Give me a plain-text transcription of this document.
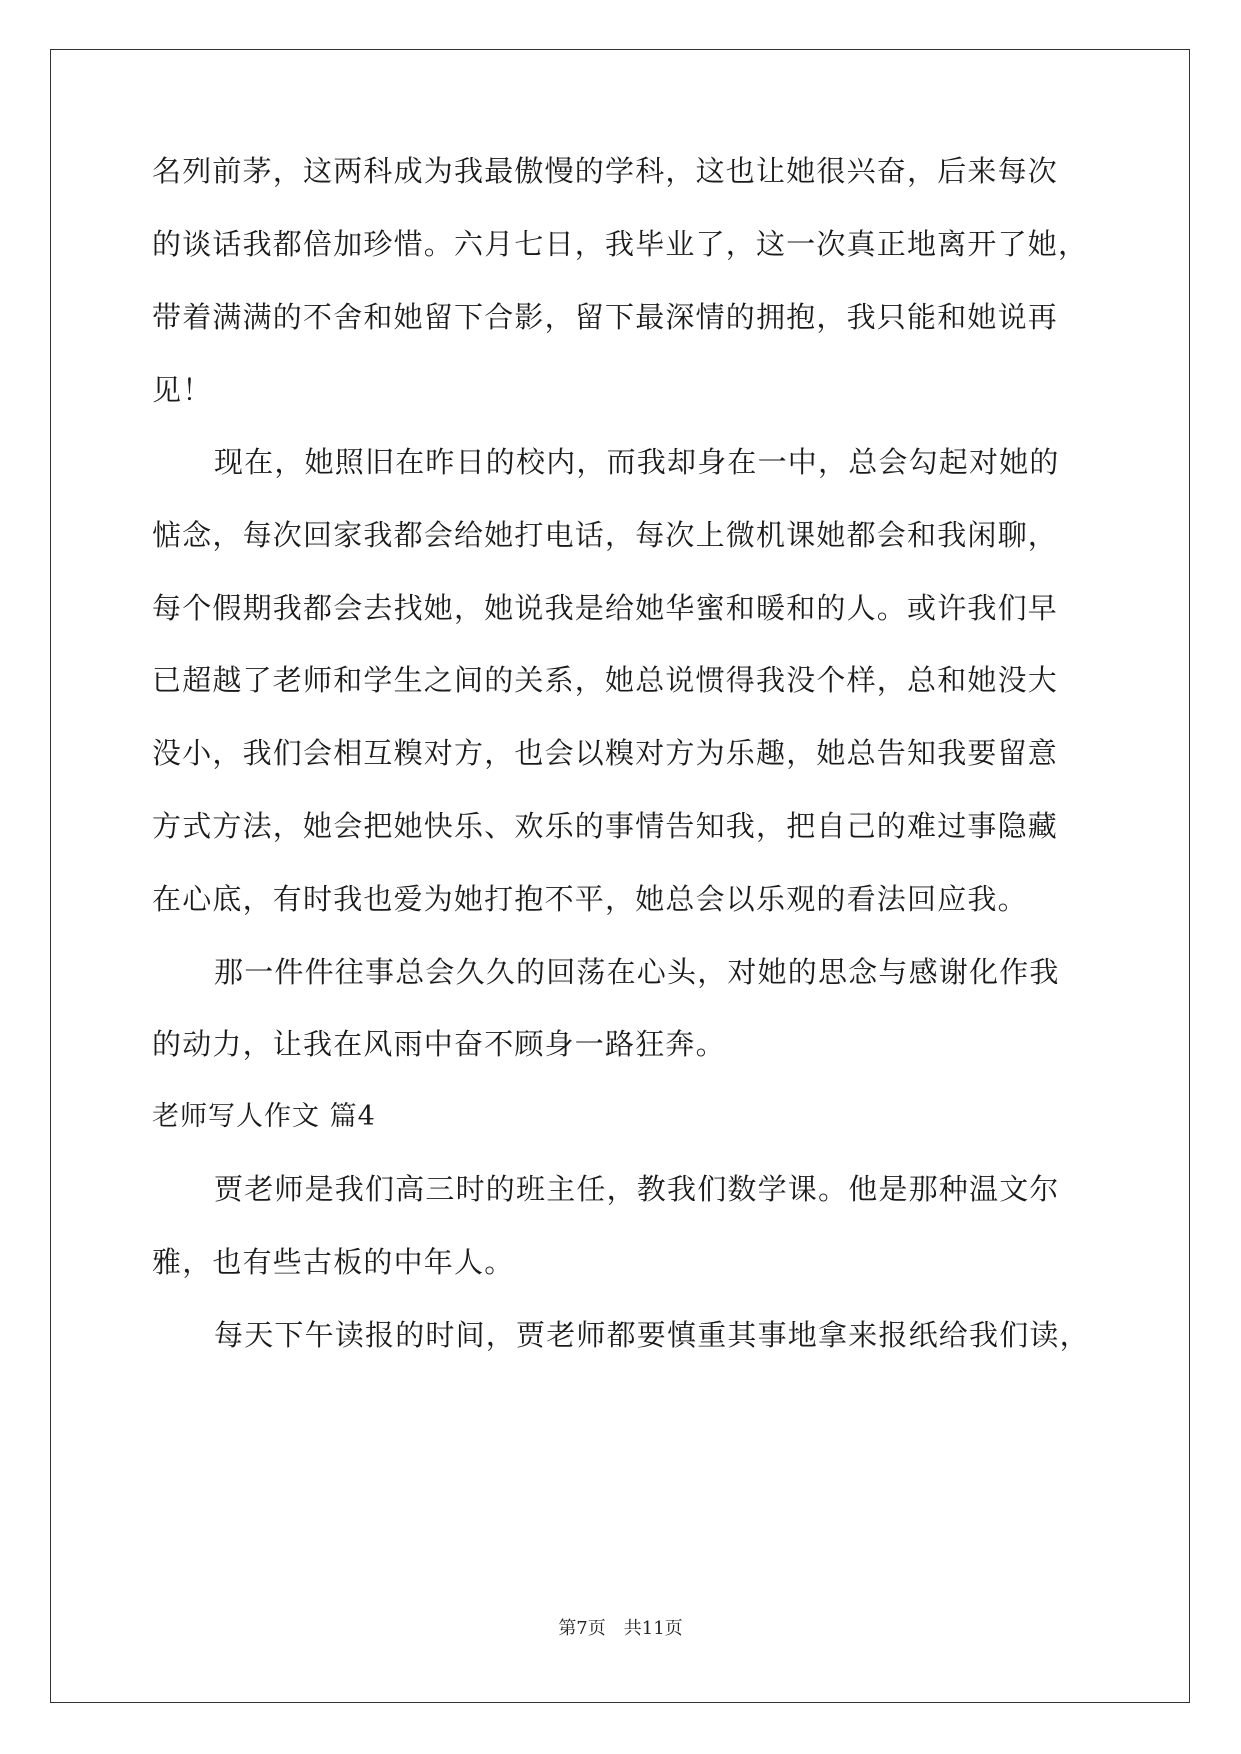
名列前茅，这两科成为我最傲慢的学科，这也让她很兴奋，后来每次
的谈话我都倍加珍惜。六月七日，我毕业了，这一次真正地离开了她，
带着满满的不舍和她留下合影，留下最深情的拥抱，我只能和她说再
见！
现在，她照旧在昨日的校内，而我却身在一中，总会勾起对她的
惦念，每次回家我都会给她打电话，每次上微机课她都会和我闲聊，
每个假期我都会去找她，她说我是给她华蜜和暖和的人。或许我们早
已超越了老师和学生之间的关系，她总说惯得我没个样，总和她没大
没小，我们会相互糗对方，也会以糗对方为乐趣，她总告知我要留意
方式方法，她会把她快乐、欢乐的事情告知我，把自己的难过事隐藏
在心底，有时我也爱为她打抱不平，她总会以乐观的看法回应我。
那一件件往事总会久久的回荡在心头，对她的思念与感谢化作我
的动力，让我在风雨中奋不顾身一路狂奔。
老师写人作文 篇4
贾老师是我们高三时的班主任，教我们数学课。他是那种温文尔
雅，也有些古板的中年人。
每天下午读报的时间，贾老师都要慎重其事地拿来报纸给我们读，
第7页　共11页
